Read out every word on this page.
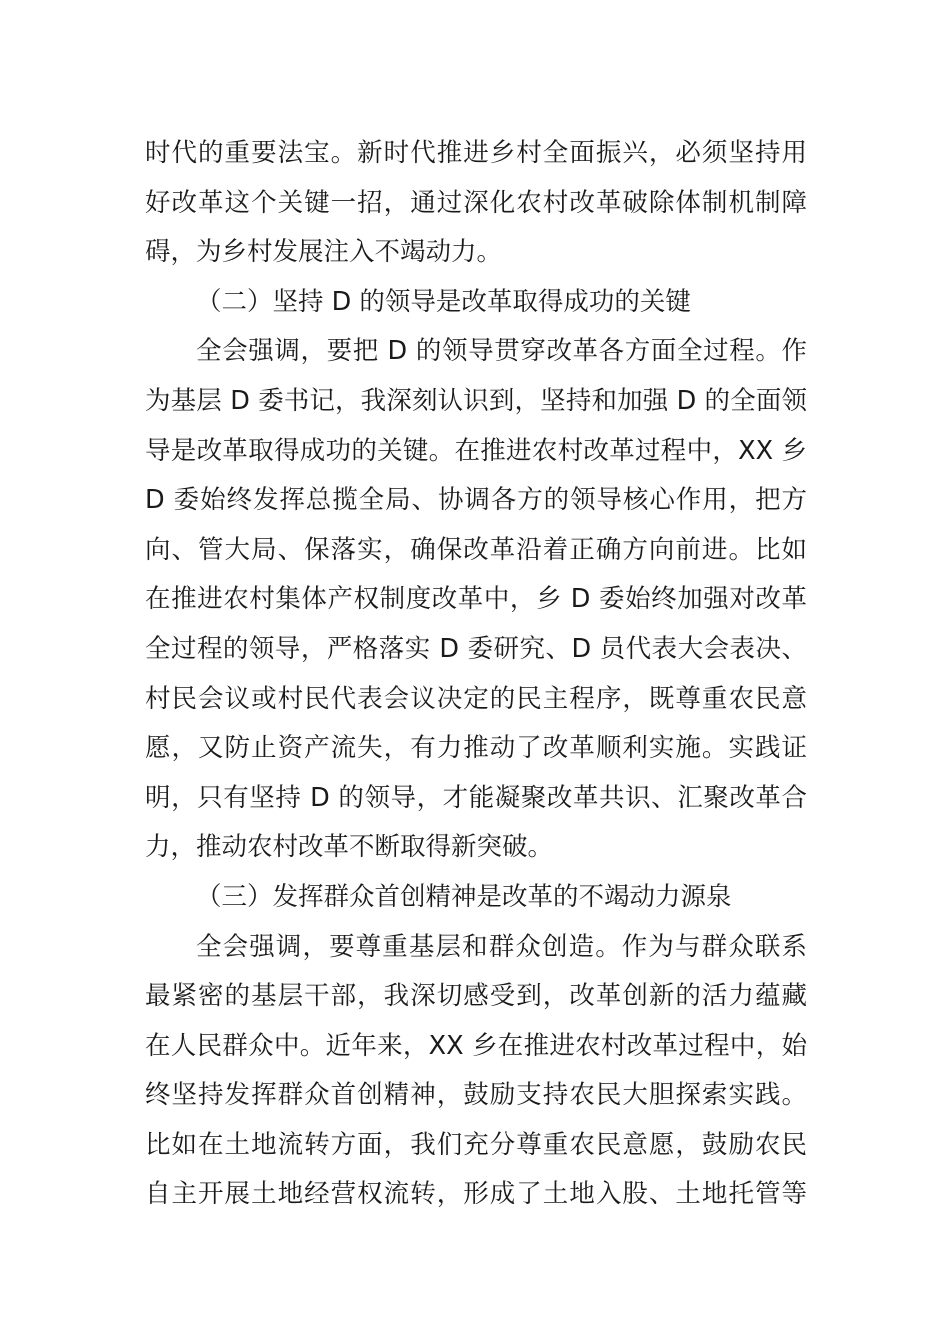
时代的重要法宝。新时代推进乡村全面振兴，必须坚持用
好改革这个关键一招，通过深化农村改革破除体制机制障
碍，为乡村发展注入不竭动力。
（二）坚持 D 的领导是改革取得成功的关键
全会强调，要把 D 的领导贯穿改革各方面全过程。作
为基层 D 委书记，我深刻认识到，坚持和加强 D 的全面领
导是改革取得成功的关键。在推进农村改革过程中，XX 乡
D 委始终发挥总揽全局、协调各方的领导核心作用，把方
向、管大局、保落实，确保改革沿着正确方向前进。比如
在推进农村集体产权制度改革中，乡 D 委始终加强对改革
全过程的领导，严格落实 D 委研究、D 员代表大会表决、
村民会议或村民代表会议决定的民主程序，既尊重农民意
愿，又防止资产流失，有力推动了改革顺利实施。实践证
明，只有坚持 D 的领导，才能凝聚改革共识、汇聚改革合
力，推动农村改革不断取得新突破。
（三）发挥群众首创精神是改革的不竭动力源泉
全会强调，要尊重基层和群众创造。作为与群众联系
最紧密的基层干部，我深切感受到，改革创新的活力蕴藏
在人民群众中。近年来，XX 乡在推进农村改革过程中，始
终坚持发挥群众首创精神，鼓励支持农民大胆探索实践。
比如在土地流转方面，我们充分尊重农民意愿，鼓励农民
自主开展土地经营权流转，形成了土地入股、土地托管等
